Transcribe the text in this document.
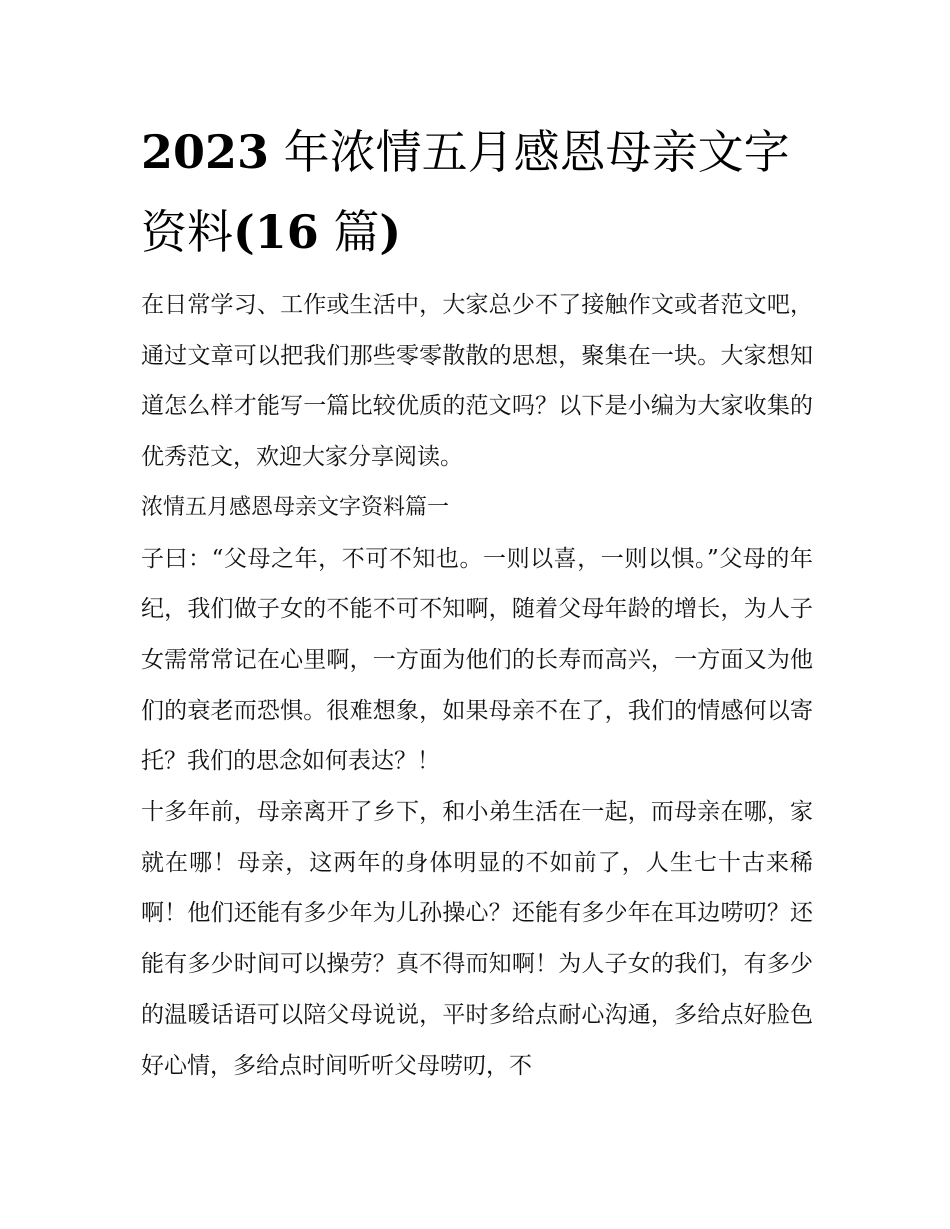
2023 年浓情五月感恩母亲文字
资料(16 篇)

在日常学习、工作或生活中，大家总少不了接触作文或者范文吧，通过文章可以把我们那些零零散散的思想，聚集在一块。大家想知道怎么样才能写一篇比较优质的范文吗？以下是小编为大家收集的优秀范文，欢迎大家分享阅读。

浓情五月感恩母亲文字资料篇一

子曰：“父母之年，不可不知也。一则以喜，一则以惧。”父母的年纪，我们做子女的不能不可不知啊，随着父母年龄的增长，为人子女需常常记在心里啊，一方面为他们的长寿而高兴，一方面又为他们的衰老而恐惧。很难想象，如果母亲不在了，我们的情感何以寄托？我们的思念如何表达？！

十多年前，母亲离开了乡下，和小弟生活在一起，而母亲在哪，家就在哪！母亲，这两年的身体明显的不如前了，人生七十古来稀啊！他们还能有多少年为儿孙操心？还能有多少年在耳边唠叨？还能有多少时间可以操劳？真不得而知啊！为人子女的我们，有多少的温暖话语可以陪父母说说，平时多给点耐心沟通，多给点好脸色好心情，多给点时间听听父母唠叨，不
